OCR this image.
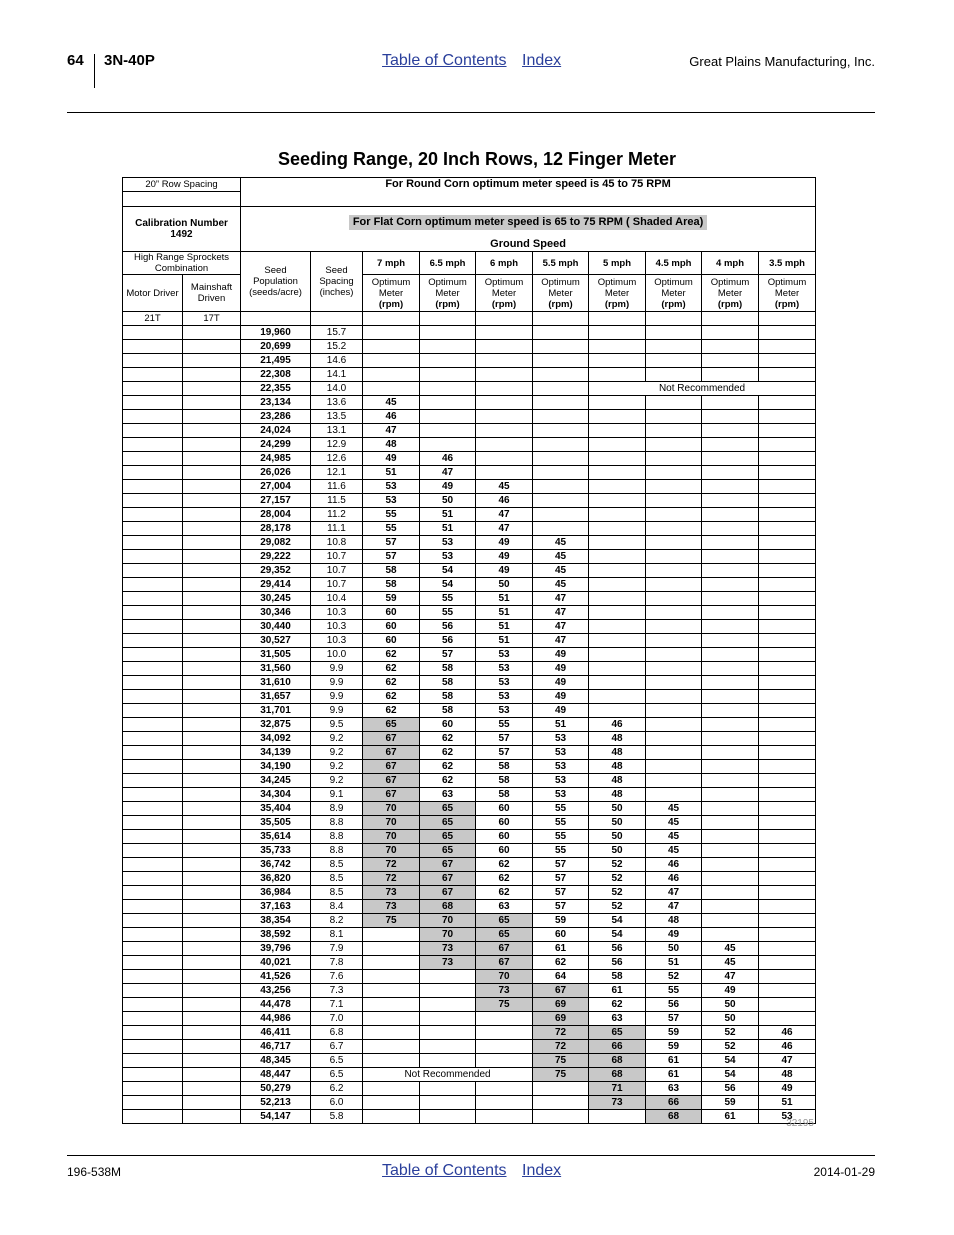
64 3N-40P	Table of Contents Index	Great Plains Manufacturing, Inc.
Seeding Range, 20 Inch Rows, 12 Finger Meter
20” Row Spacing		For Round Corn optimum meter speed is 45 to 75 RPM									

Calibration Number
1492		For Flat Corn optimum meter speed is 65 to 75 RPM ( Shaded Area)									
		Ground Speed									
High Range Sprockets Combination		Seed Population (seeds/acre)	Seed Spacing (inches)	7 mph	6.5 mph	6 mph	5.5 mph	5 mph	4.5 mph	4 mph	3.5 mph
Motor Driver	Mainshaft Driven			Optimum Meter
(rpm)	Optimum Meter
(rpm)	Optimum Meter
(rpm)	Optimum Meter
(rpm)	Optimum Meter
(rpm)	Optimum Meter
(rpm)	Optimum Meter
(rpm)	Optimum Meter
(rpm)
21T	17T										
		19,960	15.7								
		20,699	15.2								
		21,495	14.6								
		22,308	14.1								
		22,355	14.0					Not Recommended			
		23,134	13.6	45							
		23,286	13.5	46							
		24,024	13.1	47							
		24,299	12.9	48							
		24,985	12.6	49	46						
		26,026	12.1	51	47						
		27,004	11.6	53	49	45					
		27,157	11.5	53	50	46					
		28,004	11.2	55	51	47					
		28,178	11.1	55	51	47					
		29,082	10.8	57	53	49	45				
		29,222	10.7	57	53	49	45				
		29,352	10.7	58	54	49	45				
		29,414	10.7	58	54	50	45				
		30,245	10.4	59	55	51	47				
		30,346	10.3	60	55	51	47				
		30,440	10.3	60	56	51	47				
		30,527	10.3	60	56	51	47				
		31,505	10.0	62	57	53	49				
		31,560	9.9	62	58	53	49				
		31,610	9.9	62	58	53	49				
		31,657	9.9	62	58	53	49				
		31,701	9.9	62	58	53	49				
		32,875	9.5	65	60	55	51	46			
		34,092	9.2	67	62	57	53	48			
		34,139	9.2	67	62	57	53	48			
		34,190	9.2	67	62	58	53	48			
		34,245	9.2	67	62	58	53	48			
		34,304	9.1	67	63	58	53	48			
		35,404	8.9	70	65	60	55	50	45		
		35,505	8.8	70	65	60	55	50	45		
		35,614	8.8	70	65	60	55	50	45		
		35,733	8.8	70	65	60	55	50	45		
		36,742	8.5	72	67	62	57	52	46		
		36,820	8.5	72	67	62	57	52	46		
		36,984	8.5	73	67	62	57	52	47		
		37,163	8.4	73	68	63	57	52	47		
		38,354	8.2	75	70	65	59	54	48		
		38,592	8.1		70	65	60	54	49		
		39,796	7.9		73	67	61	56	50	45	
		40,021	7.8		73	67	62	56	51	45	
		41,526	7.6			70	64	58	52	47	
		43,256	7.3			73	67	61	55	49	
		44,478	7.1			75	69	62	56	50	
		44,986	7.0				69	63	57	50	
		46,411	6.8				72	65	59	52	46
		46,717	6.7				72	66	59	52	46
		48,345	6.5				75	68	61	54	47
		48,447	6.5	Not Recommended			75	68	61	54	48
		50,279	6.2					71	63	56	49
		52,213	6.0					73	66	59	51
		54,147	5.8						68	61	53
32195
196-538M	Table of Contents Index	2014-01-29
